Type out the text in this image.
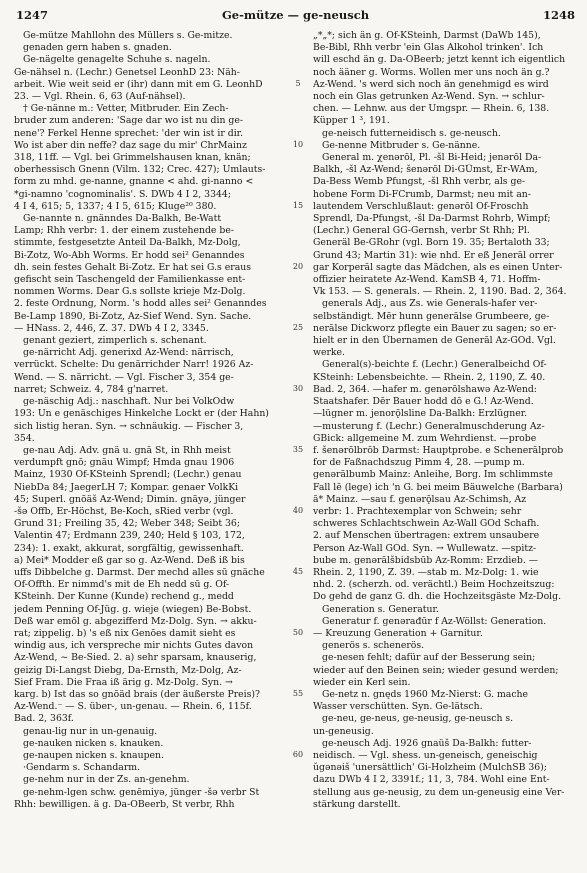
1247	Ge-mütze — ge-neusch	1248
Ge-mütze Mahllohn des Müllers s. Ge-mitze.
genaden gern haben s. gnaden.
Ge-nägelte genagelte Schuhe s. nageln.
Ge-nähsel n. (Lechr.) Genetsel LeonhD 23: Näh-
arbeit. Wie weit seid er (ihr) dann mit em G. LeonhD
23. — Vgl. Rhein. 6, 63 (Auf-nähsel).
† Ge-nänne m.: Vetter, Mitbruder. Ein Zech-
bruder zum anderen: 'Sage dar wo ist nu din ge-
nene'? Ferkel Henne sprechet: 'der win ist ir dir.
Wo ist aber din neffe? daz sage du mir' ChrMainz
318, 11ff. — Vgl. bei Grimmelshausen knan, knän;
oberhessisch Gnenn (Vilm. 132; Crec. 427); Umlauts-
form zu mhd. ge-nanne, gnanne < ahd. gi-nanno <
*gi-namno 'cognominalis'. S. DWb 4 I 2, 3344;
4 I 4, 615; 5, 1337; 4 I 5, 615; Kluge²⁰ 380.
Ge-nannte n. gnänndes Da-Balkh, Be-Watt
Lamp; Rhh verbr: 1. der einem zustehende be-
stimmte, festgesetzte Anteil Da-Balkh, Mz-Dolg,
Bi-Zotz, Wo-Abh Worms. Er hodd sei² Genanndes
dh. sein festes Gehalt Bi-Zotz. Er hat sei G.s eraus
gefischt sein Taschengeld der Familienkasse ent-
nommen Worms. Dear G.s sollste krieje Mz-Dolg.
2. feste Ordnung, Norm. 's hodd alles sei² Genanndes
Be-Lamp 1890, Bi-Zotz, Az-Sief Wend. Syn. Sache.
— HNass. 2, 446, Z. 37. DWb 4 I 2, 3345.
genant geziert, zimperlich s. schenant.
ge-närricht Adj. generixd Az-Wend: närrisch,
verrückt. Schelte: Du genärrichder Narr! 1926 Az-
Wend. — S. närricht. — Vgl. Fischer 3, 354 ge-
narret; Schweiz. 4, 784 g'narret.
ge-näschig Adj.: naschhaft. Nur bei VolkOdw
193: Un e genäschiges Hinkelche Lockt er (der Hahn)
sich listig heran. Syn. → schnäukig. — Fischer 3,
354.
ge-nau Adj. Adv. gnä u. gnā St, in Rhh meist
verdumpft gnō; gnāu Wimpf; Hmda gnau 1906
Mainz, 1930 Of-KSteinh Sprendl; (Lechr.) genau
NiebDa 84; JaegerLH 7; Kompar. genaer VolkKi
45; Superl. gnōäš Az-Wend; Dimin. gnāyə, jünger
-šə Offb, Er-Höchst, Be-Koch, sRied verbr (vgl.
Grund 31; Freiling 35, 42; Weber 348; Seibt 36;
Valentin 47; Erdmann 239, 240; Held § 103, 172,
234): 1. exakt, akkurat, sorgfältig, gewissenhaft.
a) Mei* Modder eß gar so g. Az-Wend. Deß iß bis
uffs Dibbelche g. Darmst. Der mechd alles sū gnäche
Of-Offth. Er nimmd's mit de Eh nedd sū g. Of-
KSteinh. Der Kunne (Kunde) rechend g., medd
jedem Penning Of-Jüg. g. wieje (wiegen) Be-Bobst.
Deß war emōl g. abgezifferd Mz-Dolg. Syn. → akku-
rat; zippelig. b) 's eß nix Genōes damit sieht es
windig aus, ich verspreche mir nichts Gutes davon
Az-Wend, ~ Be-Sied. 2. a) sehr sparsam, knauserig,
geizig Di-Langst Diebg, Da-Ernsth, Mz-Dolg, Az-
Sief Fram. Die Fraa iß ärig g. Mz-Dolg. Syn. →
karg. b) Ist das so gnōäd brais (der äußerste Preis)?
Az-Wend.⁻ — S. über-, un-genau. — Rhein. 6, 115f.
Bad. 2, 363f.
genau-lig nur in un-genauig.
ge-nauken nicken s. knauken.
ge-naupen nicken s. knaupen.
·Gendarm s. Schandarm.
ge-nehm nur in der Zs. an-genehm.
ge-nehm-lgen schw. genēmiyə, jünger -šə verbr St
Rhh: bewilligen. ä g. Da-OBeerb, St verbr, Rhh
5
10
15
20
25
30
35
40
45
50
55
60
„*„*; sich än g. Of-KSteinh, Darmst (DaWb 145),
Be-Bibl, Rhh verbr 'ein Glas Alkohol trinken'. Ich
will eschd än g. Da-OBeerb; jetzt kennt ich eigentlich
noch ääner g. Worms. Wollen mer uns noch än g.?
Az-Wend. 's werd sich noch än genehmigd es wird
noch ein Glas getrunken Az-Wend. Syn. → schlur-
chen. — Lehnw. aus der Umgspr. — Rhein. 6, 138.
Küpper 1 ³, 191.
ge-neisch futterneidisch s. ge-neusch.
Ge-nenne Mitbruder s. Ge-nänne.
General m. χenərōl, Pl. -šl Bi-Heid; jenərōl Da-
Balkh, -šl Az-Wend; šenərōl Di-GÜmst, Er-WAm,
Da-Bess Wemb Pfungst, -šl Rhh verbr, als ge-
hobene Form Di-FCrumb, Darmst; neu mit an-
lautendem Verschlußlaut: genərōl Of-Froschh
Sprendl, Da-Pfungst, -šl Da-Darmst Rohrb, Wimpf;
(Lechr.) General GG-Gernsh, verbr St Rhh; Pl.
Generäl Be-GRohr (vgl. Born 19. 35; Bertaloth 33;
Grund 43; Martin 31): wie nhd. Er eß Jenerāl orrer
gar Korperāl sagte das Mädchen, als es einen Unter-
offizier heiratete Az-Wend. KamSB 4, 71. Hoffm-
Vk 153. — S. generals. — Rhein. 2, 1190. Bad. 2, 364.
generals Adj., aus Zs. wie Generals-hafer ver-
selbständigt. Mēr hunn generālse Grumbeere, ge-
nerālse Dickworz pflegte ein Bauer zu sagen; so er-
hielt er in den Übernamen de Generāl Az-GOd. Vgl.
werke.
General(s)-beichte f. (Lechr.) Generalbeichd Of-
KSteinh: Lebensbeichte. — Rhein. 2, 1190, Z. 40.
Bad. 2, 364. —hafer m. genərōlshawə Az-Wend:
Staatshafer. Dēr Bauer hodd dō e G.! Az-Wend.
—lügner m. jenorǭlsline Da-Balkh: Erzlügner.
—musterung f. (Lechr.) Generalmuschderung Az-
GBick: allgemeine M. zum Wehrdienst. —probe
f. šenərōlbrōb Darmst: Hauptprobe. e Schenerālprob
for de Faßnachdszug Pimm 4, 28. —pump m.
genərālbumb Mainz: Anleihe, Borg. Im schlimmste
Fall lē (lege) ich 'n G. bei meim Bäuwelche (Barbara)
ā* Mainz. —sau f. genərǭlsau Az-Schimsh, Az
verbr: 1. Prachtexemplar von Schwein; sehr
schweres Schlachtschwein Az-Wall GOd Schafh.
2. auf Menschen übertragen: extrem unsaubere
Person Az-Wall GOd. Syn. → Wullewatz. —spitz-
bube m. genərālšbidsbūb Az-Romm: Erzdieb. —
Rhein. 2, 1190, Z. 39. —stab m. Mz-Dolg: 1. wie
nhd. 2. (scherzh. od. verächtl.) Beim Hochzeitszug:
Do gehd de ganz G. dh. die Hochzeitsgäste Mz-Dolg.
Generation s. Generatur.
Generatur f. genərađūr f Az-Wöllst: Generation.
— Kreuzung Generation + Garnitur.
generös s. schenerös.
ge-nesen fehlt; dafür auf der Besserung sein;
wieder auf den Beinen sein; wieder gesund werden;
wieder ein Kerl sein.
Ge-netz n. gnęds 1960 Mz-Nierst: G. mache
Wasser verschütten. Syn. Ge-lätsch.
ge-neu, ge-neus, ge-neusig, ge-neusch s.
un-geneusig.
ge-neusch Adj. 1926 gnaüš Da-Balkh: futter-
neidisch. — Vgl. shess. un-geneisch, geneischig
ŭgənəiš 'unersättlich' Gi-Holzheim (MulchSB 36);
dazu DWb 4 I 2, 3391f.; 11, 3, 784. Wohl eine Ent-
stellung aus ge-neusig, zu dem un-geneusig eine Ver-
stärkung darstellt.
